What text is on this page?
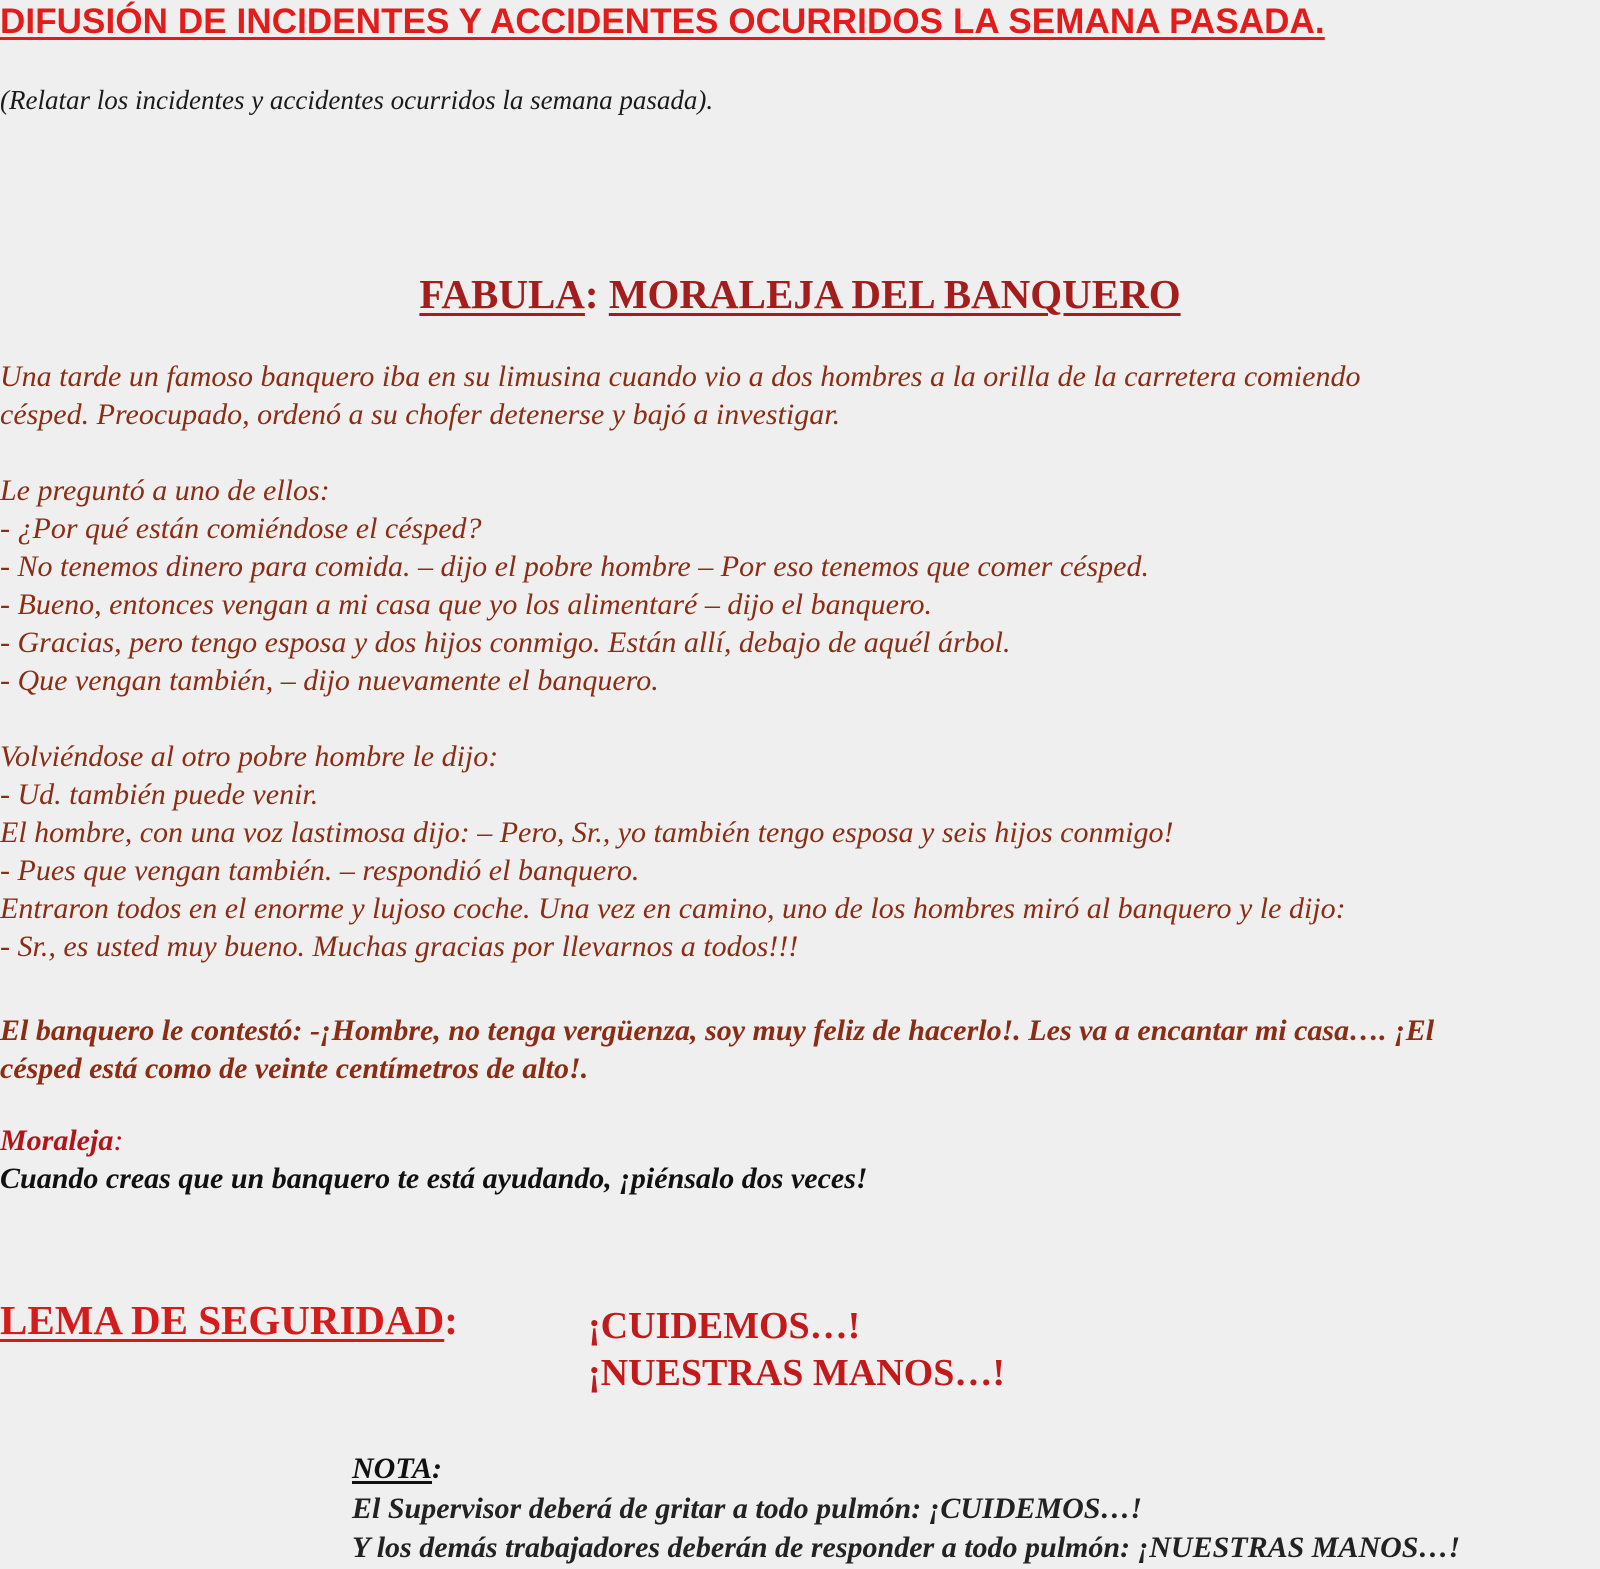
DIFUSIÓN DE INCIDENTES Y ACCIDENTES OCURRIDOS LA SEMANA PASADA.

(Relatar los incidentes y accidentes ocurridos la semana pasada).

FABULA: MORALEJA DEL BANQUERO
Una tarde un famoso banquero iba en su limusina cuando vio a dos hombres a la orilla de la carretera comiendo
césped. Preocupado, ordenó a su chofer detenerse y bajó a investigar.
Le preguntó a uno de ellos:
- ¿Por qué están comiéndose el césped?
- No tenemos dinero para comida. – dijo el pobre hombre – Por eso tenemos que comer césped.
- Bueno, entonces vengan a mi casa que yo los alimentaré – dijo el banquero.
- Gracias, pero tengo esposa y dos hijos conmigo. Están allí, debajo de aquél árbol.
- Que vengan también, – dijo nuevamente el banquero.
Volviéndose al otro pobre hombre le dijo:
- Ud. también puede venir.
El hombre, con una voz lastimosa dijo: – Pero, Sr., yo también tengo esposa y seis hijos conmigo!
- Pues que vengan también. – respondió el banquero.
Entraron todos en el enorme y lujoso coche. Una vez en camino, uno de los hombres miró al banquero y le dijo:
- Sr., es usted muy bueno. Muchas gracias por llevarnos a todos!!!
El banquero le contestó: -¡Hombre, no tenga vergüenza, soy muy feliz de hacerlo!. Les va a encantar mi casa…. ¡El
césped está como de veinte centímetros de alto!.

Moraleja:

Cuando creas que un banquero te está ayudando, ¡piénsalo dos veces!

LEMA DE SEGURIDAD:	¡CUIDEMOS…!

¡NUESTRAS MANOS…!

NOTA:

El Supervisor deberá de gritar a todo pulmón: ¡CUIDEMOS…!

Y los demás trabajadores deberán de responder a todo pulmón: ¡NUESTRAS MANOS…!
